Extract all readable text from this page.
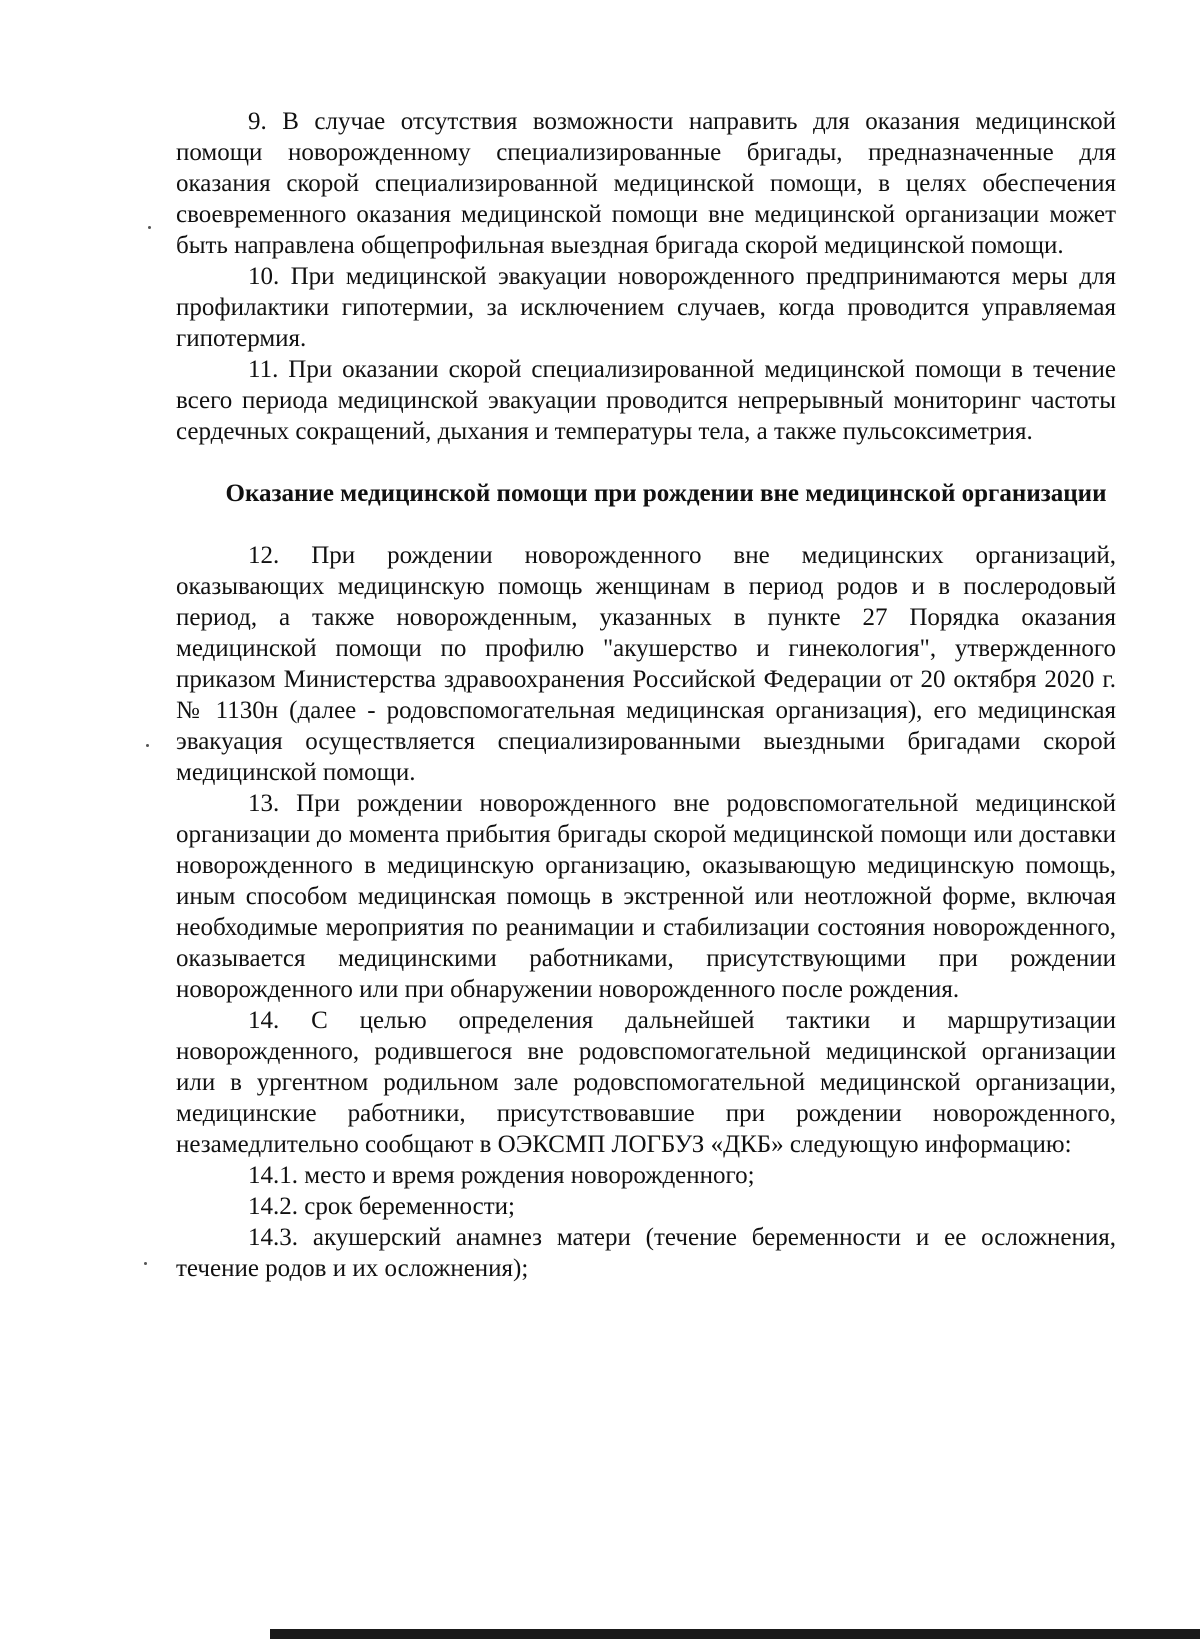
9. В случае отсутствия возможности направить для оказания медицинской помощи новорожденному специализированные бригады, предназначенные для оказания скорой специализированной медицинской помощи, в целях обеспечения своевременного оказания медицинской помощи вне медицинской организации может быть направлена общепрофильная выездная бригада скорой медицинской помощи.

10. При медицинской эвакуации новорожденного предпринимаются меры для профилактики гипотермии, за исключением случаев, когда проводится управляемая гипотермия.

11. При оказании скорой специализированной медицинской помощи в течение всего периода медицинской эвакуации проводится непрерывный мониторинг частоты сердечных сокращений, дыхания и температуры тела, а также пульсоксиметрия.

Оказание медицинской помощи при рождении вне медицинской организации

12. При рождении новорожденного вне медицинских организаций, оказывающих медицинскую помощь женщинам в период родов и в послеродовый период, а также новорожденным, указанных в пункте 27 Порядка оказания медицинской помощи по профилю "акушерство и гинекология", утвержденного приказом Министерства здравоохранения Российской Федерации от 20 октября 2020 г. № 1130н (далее - родовспомогательная медицинская организация), его медицинская эвакуация осуществляется специализированными выездными бригадами скорой медицинской помощи.

13. При рождении новорожденного вне родовспомогательной медицинской организации до момента прибытия бригады скорой медицинской помощи или доставки новорожденного в медицинскую организацию, оказывающую медицинскую помощь, иным способом медицинская помощь в экстренной или неотложной форме, включая необходимые мероприятия по реанимации и стабилизации состояния новорожденного, оказывается медицинскими работниками, присутствующими при рождении новорожденного или при обнаружении новорожденного после рождения.

14. С целью определения дальнейшей тактики и маршрутизации новорожденного, родившегося вне родовспомогательной медицинской организации или в ургентном родильном зале родовспомогательной медицинской организации, медицинские работники, присутствовавшие при рождении новорожденного, незамедлительно сообщают в ОЭКСМП ЛОГБУЗ «ДКБ» следующую информацию:

14.1. место и время рождения новорожденного;

14.2. срок беременности;

14.3. акушерский анамнез матери (течение беременности и ее осложнения, течение родов и их осложнения);
